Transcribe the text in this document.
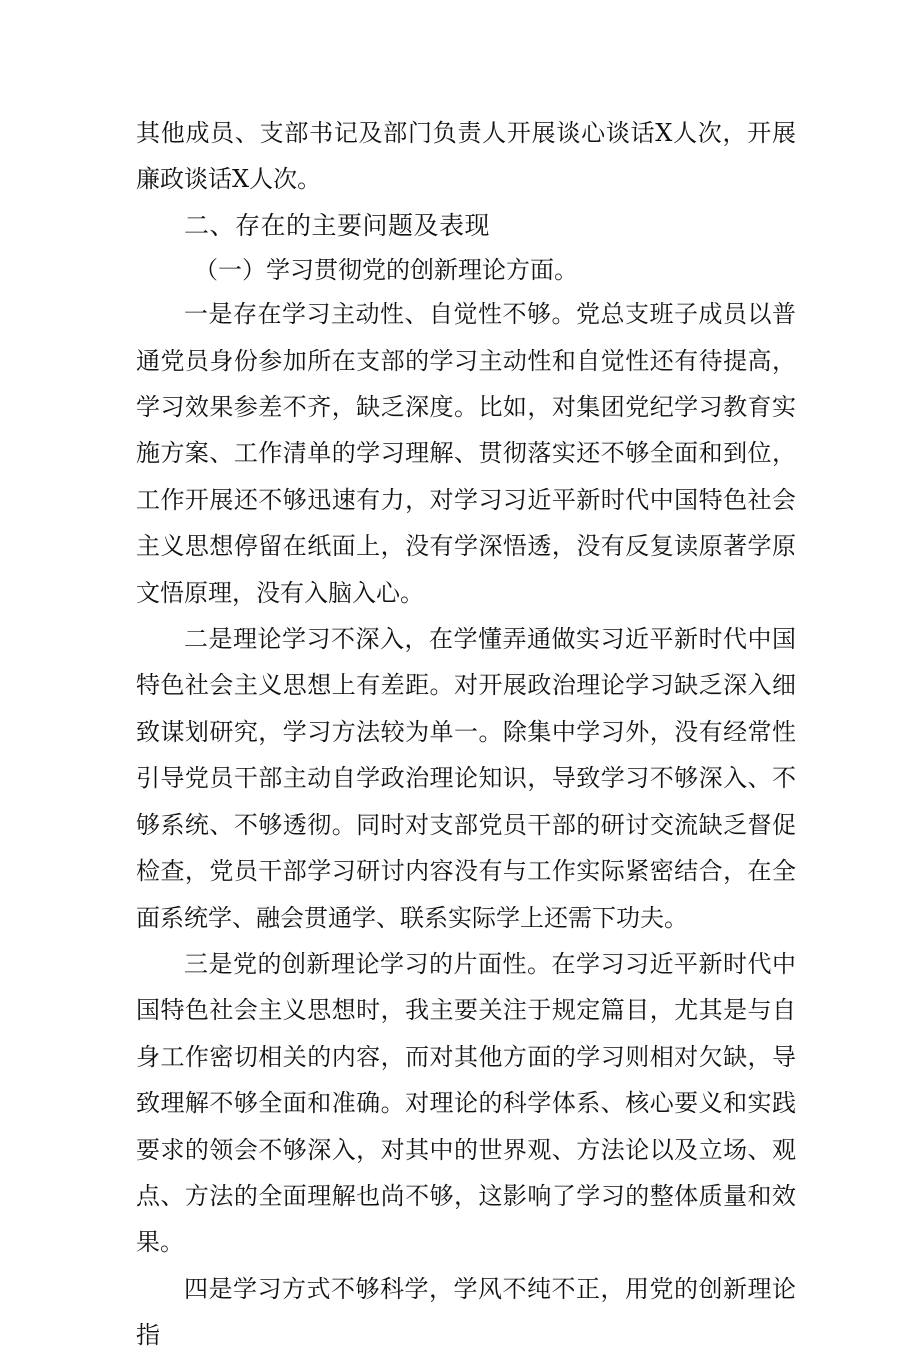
其他成员、支部书记及部门负责人开展谈心谈话X人次，开展廉政谈话X人次。

二、存在的主要问题及表现

（一）学习贯彻党的创新理论方面。

一是存在学习主动性、自觉性不够。党总支班子成员以普通党员身份参加所在支部的学习主动性和自觉性还有待提高，学习效果参差不齐，缺乏深度。比如，对集团党纪学习教育实施方案、工作清单的学习理解、贯彻落实还不够全面和到位，工作开展还不够迅速有力，对学习习近平新时代中国特色社会主义思想停留在纸面上，没有学深悟透，没有反复读原著学原文悟原理，没有入脑入心。

二是理论学习不深入，在学懂弄通做实习近平新时代中国特色社会主义思想上有差距。对开展政治理论学习缺乏深入细致谋划研究，学习方法较为单一。除集中学习外，没有经常性引导党员干部主动自学政治理论知识，导致学习不够深入、不够系统、不够透彻。同时对支部党员干部的研讨交流缺乏督促检查，党员干部学习研讨内容没有与工作实际紧密结合，在全面系统学、融会贯通学、联系实际学上还需下功夫。

三是党的创新理论学习的片面性。在学习习近平新时代中国特色社会主义思想时，我主要关注于规定篇目，尤其是与自身工作密切相关的内容，而对其他方面的学习则相对欠缺，导致理解不够全面和准确。对理论的科学体系、核心要义和实践要求的领会不够深入，对其中的世界观、方法论以及立场、观点、方法的全面理解也尚不够，这影响了学习的整体质量和效果。

四是学习方式不够科学，学风不纯不正，用党的创新理论指
